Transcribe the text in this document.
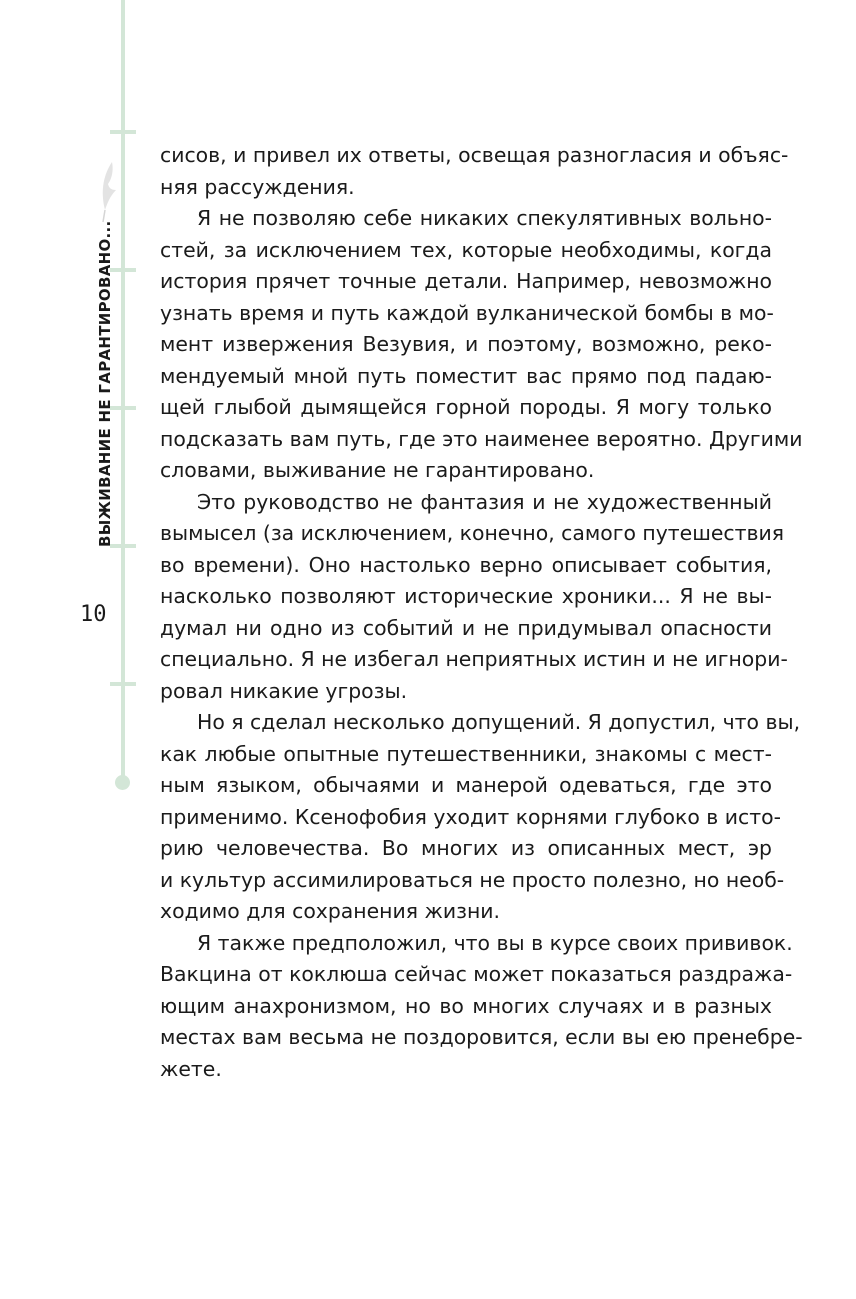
ВЫЖИВАНИЕ НЕ ГАРАНТИРОВАНО...
10
сисов, и привел их ответы, освещая разногласия и объяс-
няя рассуждения.
Я не позволяю себе никаких спекулятивных вольно-
стей, за исключением тех, которые необходимы, когда
история прячет точные детали. Например, невозможно
узнать время и путь каждой вулканической бомбы в мо-
мент извержения Везувия, и поэтому, возможно, реко-
мендуемый мной путь поместит вас прямо под падаю-
щей глыбой дымящейся горной породы. Я могу только
подсказать вам путь, где это наименее вероятно. Другими
словами, выживание не гарантировано.
Это руководство не фантазия и не художественный
вымысел (за исключением, конечно, самого путешествия
во времени). Оно настолько верно описывает события,
насколько позволяют исторические хроники... Я не вы-
думал ни одно из событий и не придумывал опасности
специально. Я не избегал неприятных истин и не игнори-
ровал никакие угрозы.
Но я сделал несколько допущений. Я допустил, что вы,
как любые опытные путешественники, знакомы с мест-
ным языком, обычаями и манерой одеваться, где это
применимо. Ксенофобия уходит корнями глубоко в исто-
рию человечества. Во многих из описанных мест, эр
и культур ассимилироваться не просто полезно, но необ-
ходимо для сохранения жизни.
Я также предположил, что вы в курсе своих прививок.
Вакцина от коклюша сейчас может показаться раздража-
ющим анахронизмом, но во многих случаях и в разных
местах вам весьма не поздоровится, если вы ею пренебре-
жете.
